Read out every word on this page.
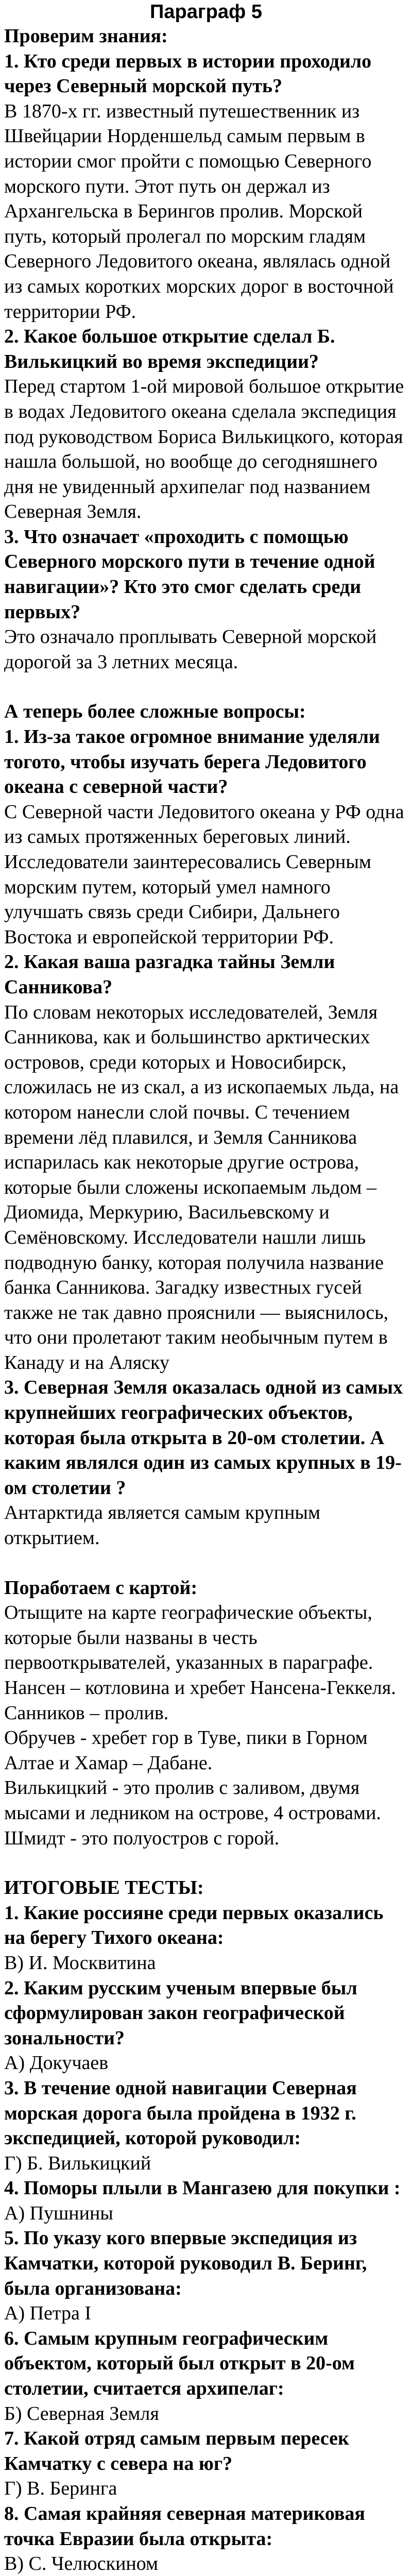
Параграф 5

Проверим знания:

1. Кто среди первых в истории проходило через Северный морской путь?

В 1870-х гг. известный путешественник из Швейцарии Норденшельд самым первым в истории смог пройти с помощью Северного морского пути. Этот путь он держал из Архангельска в Берингов пролив. Морской путь, который пролегал по морским гладям Северного Ледовитого океана, являлась одной из самых коротких морских дорог в восточной территории РФ.

2. Какое большое открытие сделал Б. Вилькицкий во время экспедиции?

Перед стартом 1-ой мировой большое открытие в водах Ледовитого океана сделала экспедиция под руководством Бориса Вилькицкого, которая нашла большой, но вообще до сегодняшнего дня не увиденный архипелаг под названием Северная Земля.

3. Что означает «проходить с помощью Северного морского пути в течение одной навигации»? Кто это смог сделать среди первых?

Это означало проплывать Северной морской дорогой за 3 летних месяца.

А теперь более сложные вопросы:

1. Из-за такое огромное внимание уделяли тогото, чтобы изучать берега Ледовитого океана с северной части?

С Северной части Ледовитого океана у РФ одна из самых протяженных береговых линий. Исследователи заинтересовались Северным морским путем, который умел намного улучшать связь среди Сибири, Дальнего Востока и европейской территории РФ.

2. Какая ваша разгадка тайны Земли Санникова?

По словам некоторых исследователей, Земля Санникова, как и большинство арктических островов, среди которых и Новосибирск, сложилась не из скал, а из ископаемых льда, на котором нанесли слой почвы. С течением времени лёд плавился, и Земля Санникова испарилась как некоторые другие острова, которые были сложены ископаемым льдом – Диомида, Меркурию, Васильевскому и Семёновскому. Исследователи нашли лишь подводную банку, которая получила название банка Санникова. Загадку известных гусей также не так давно прояснили — выяснилось, что они пролетают таким необычным путем в Канаду и на Аляску

3. Северная Земля оказалась одной из самых крупнейших географических объектов, которая была открыта в 20-ом столетии. А каким являлся один из самых крупных в 19-ом столетии ?

Антарктида является самым крупным открытием.

Поработаем с картой:

Отыщите на карте географические объекты, которые были названы в честь первооткрывателей, указанных в параграфе.

Нансен – котловина и хребет Нансена-Геккеля.

Санников – пролив.

Обручев - хребет гор в Туве, пики в Горном Алтае и Хамар – Дабане.

Вилькицкий - это пролив с заливом, двумя мысами и ледником на острове, 4 островами.

Шмидт - это полуостров с горой.

ИТОГОВЫЕ ТЕСТЫ:

1. Какие россияне среди первых оказались на берегу Тихого океана:

В) И. Москвитина

2. Каким русским ученым впервые был сформулирован закон географической зональности?

А) Докучаев

3. В течение одной навигации Северная морская дорога была пройдена в 1932 г. экспедицией, которой руководил:

Г) Б. Вилькицкий

4. Поморы плыли в Мангазею для покупки :

А) Пушнины

5. По указу кого впервые экспедиция из Камчатки, которой руководил В. Беринг, была организована:

А) Петра I

6. Самым крупным географическим объектом, который был открыт в 20-ом столетии, считается архипелаг:

Б) Северная Земля

7. Какой отряд самым первым пересек Камчатку с севера на юг?

Г) В. Беринга

8. Самая крайняя северная материковая точка Евразии была открыта:

В) С. Челюскином
